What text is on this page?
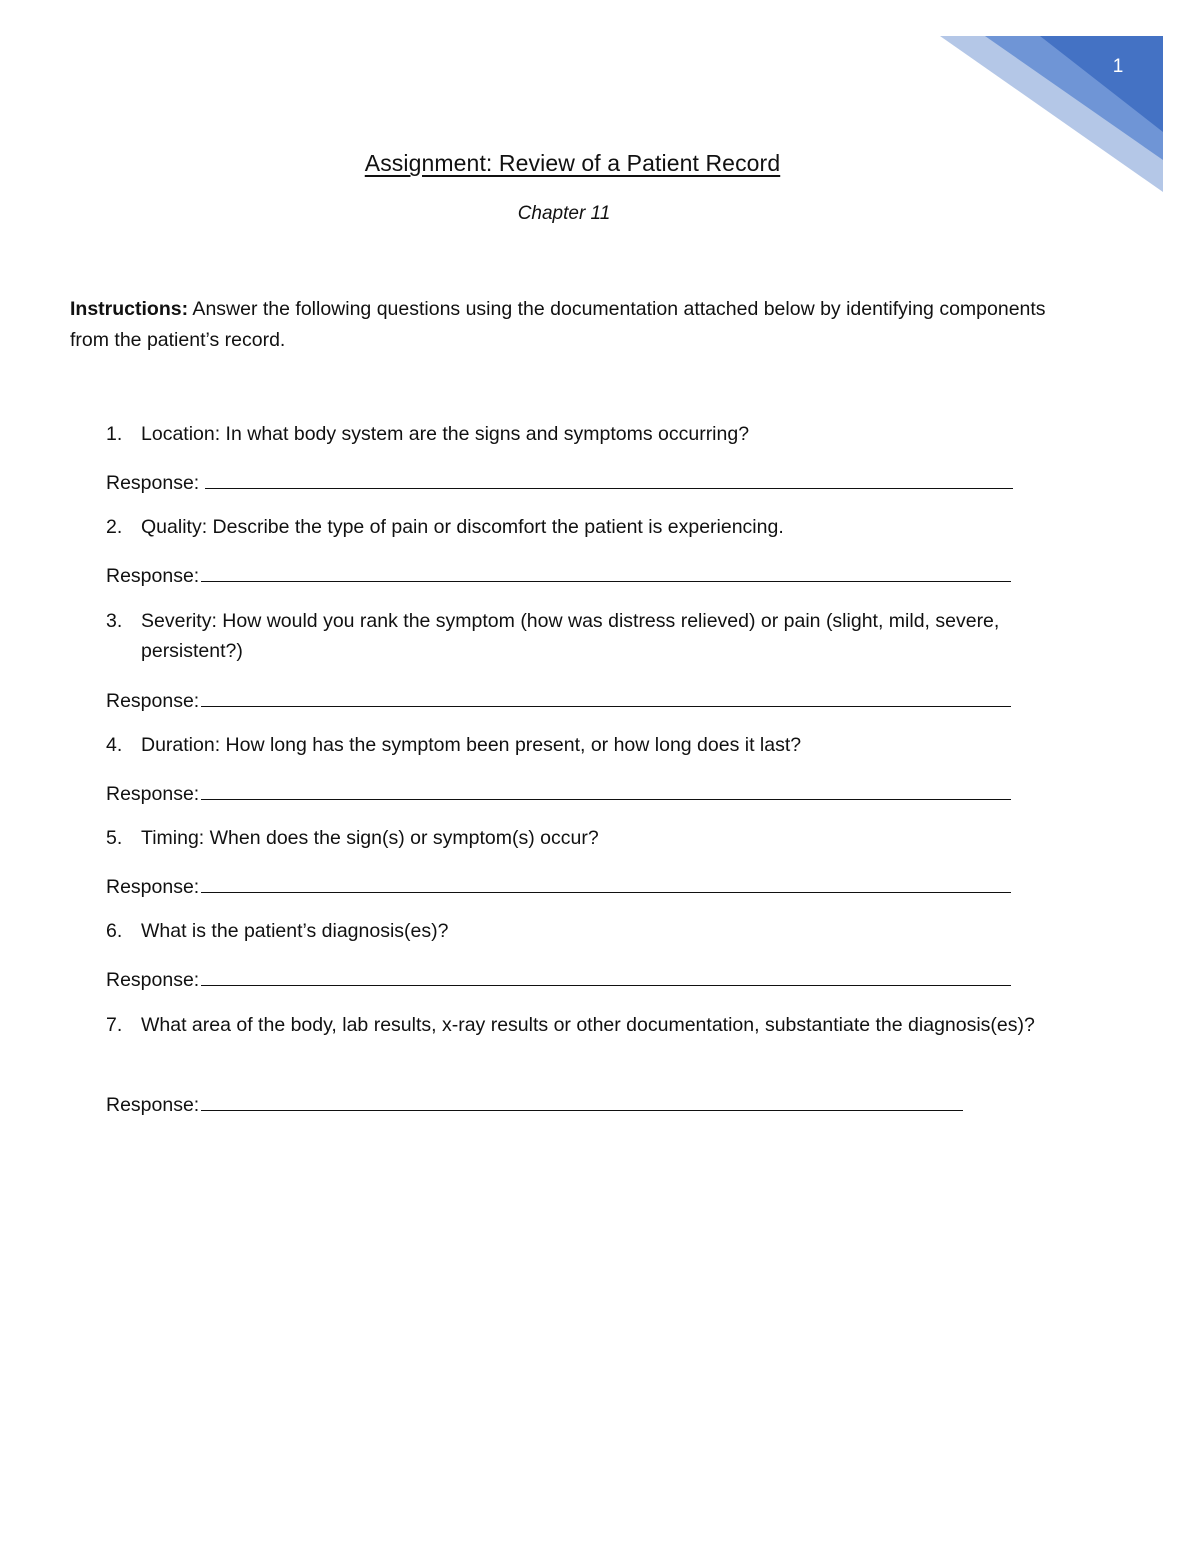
1
Assignment: Review of a Patient Record
Chapter 11
Instructions: Answer the following questions using the documentation attached below by identifying components from the patient’s record.
1. Location: In what body system are the signs and symptoms occurring?
Response:
2. Quality: Describe the type of pain or discomfort the patient is experiencing.
Response:
3. Severity: How would you rank the symptom (how was distress relieved) or pain (slight, mild, severe, persistent?)
Response:
4. Duration: How long has the symptom been present, or how long does it last?
Response:
5. Timing: When does the sign(s) or symptom(s) occur?
Response:
6. What is the patient’s diagnosis(es)?
Response:
7. What area of the body, lab results, x-ray results or other documentation, substantiate the diagnosis(es)?
Response:
